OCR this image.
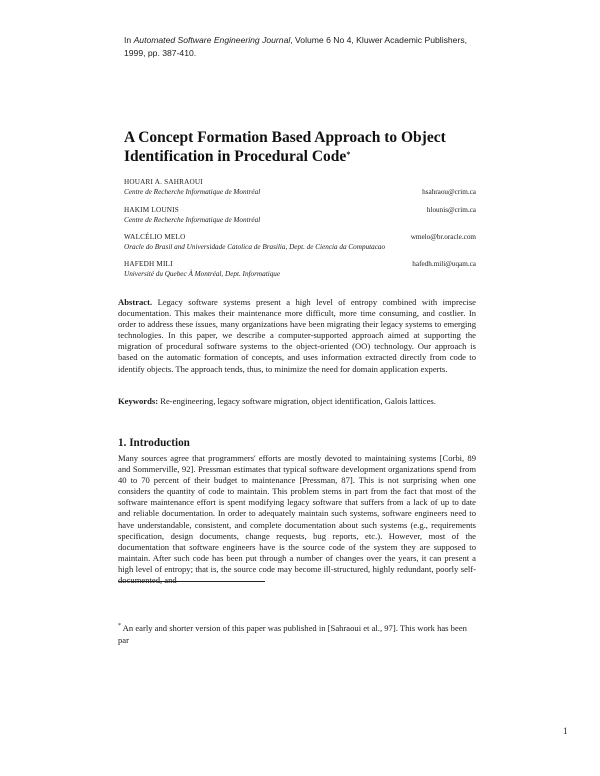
In Automated Software Engineering Journal, Volume 6 No 4, Kluwer Academic Publishers, 1999, pp. 387-410.
A Concept Formation Based Approach to Object
Identification in Procedural Code*
HOUARI A. SAHRAOUI
Centre de Recherche Informatique de Montréal	hsahraou@crim.ca
HAKIM LOUNIS	hlounis@crim.ca
Centre de Recherche Informatique de Montréal
WALCÉLIO MELO	wmelo@br.oracle.com
Oracle do Brasil and Universidade Catolica de Brasilia, Dept. de Ciencia da Computacao
HAFEDH MILI	hafedh.mili@uqam.ca
Université du Quebec À Montréal, Dept. Informatique
Abstract. Legacy software systems present a high level of entropy combined with imprecise documentation. This makes their maintenance more difficult, more time consuming, and costlier. In order to address these issues, many organizations have been migrating their legacy systems to emerging technologies. In this paper, we describe a computer-supported approach aimed at supporting the migration of procedural software systems to the object-oriented (OO) technology. Our approach is based on the automatic formation of concepts, and uses information extracted directly from code to identify objects. The approach tends, thus, to minimize the need for domain application experts.
Keywords: Re-engineering, legacy software migration, object identification, Galois lattices.
1. Introduction
Many sources agree that programmers' efforts are mostly devoted to maintaining systems [Corbi, 89 and Sommerville, 92]. Pressman estimates that typical software development organizations spend from 40 to 70 percent of their budget to maintenance [Pressman, 87]. This is not surprising when one considers the quantity of code to maintain. This problem stems in part from the fact that most of the software maintenance effort is spent modifying legacy software that suffers from a lack of up to date and reliable documentation. In order to adequately maintain such systems, software engineers need to have understandable, consistent, and complete documentation about such systems (e.g., requirements specification, design documents, change requests, bug reports, etc.). However, most of the documentation that software engineers have is the source code of the system they are supposed to maintain. After such code has been put through a number of changes over the years, it can present a high level of entropy; that is, the source code may become ill-structured, highly redundant, poorly self-documented, and
* An early and shorter version of this paper was published in [Sahraoui et al., 97]. This work has been par
1
